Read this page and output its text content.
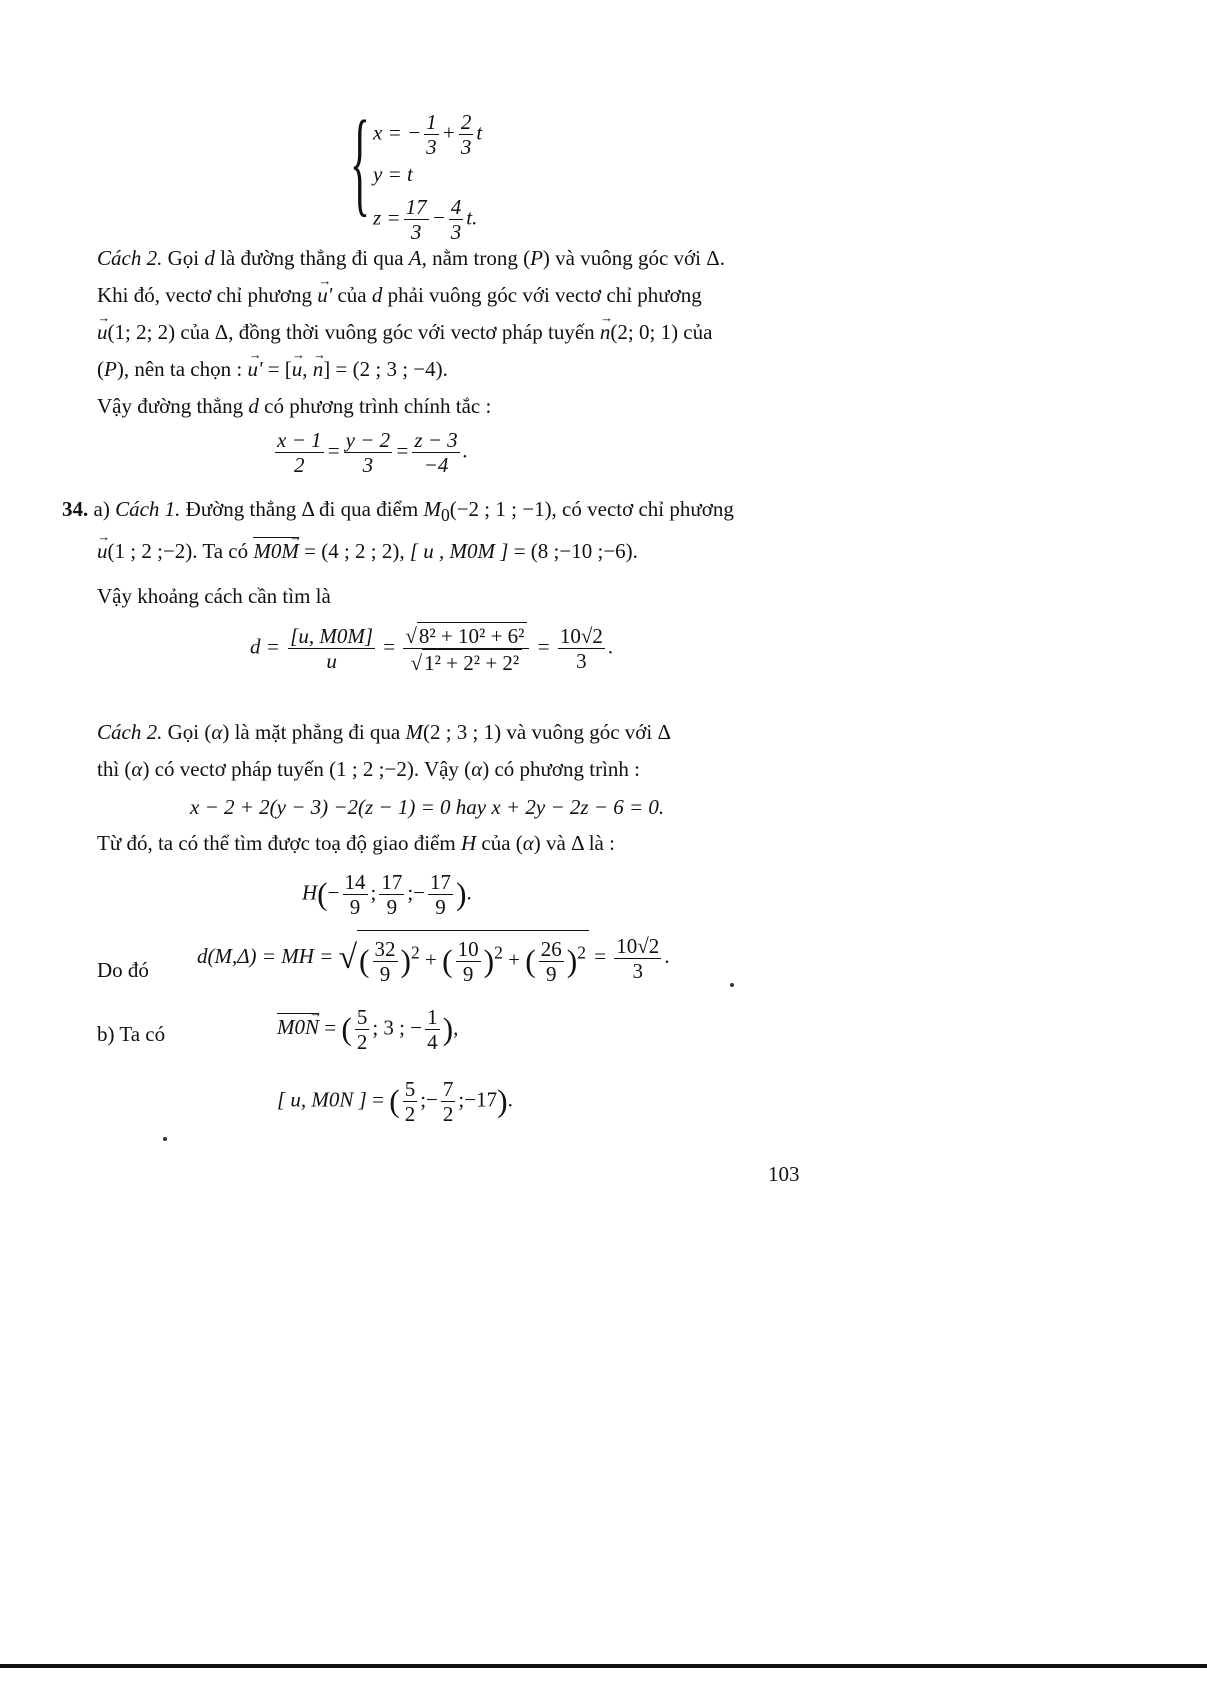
{ x = − $\frac{1}{3} + \frac{2}{3}$ t
y = t
$z = \frac{17}{3} - \frac{4}{3} t$.
Cách 2. Gọi d là đường thẳng đi qua A, nằm trong (P) và vuông góc với Δ.
Khi đó, vectơ chỉ phương → u' của d phải vuông góc với vectơ chỉ phương
→ u(1; 2; 2) của Δ, đồng thời vuông góc với vectơ pháp tuyến → n(2; 0; 1) của
(P), nên ta chọn : → u' = [→ u, → n] = (2 ; 3 ; −4).
Vậy đường thẳng d có phương trình chính tắc :
$\frac{x - 1}{2} = \frac{y - 2}{3} = \frac{z - 3}{-4}$ .
34. a) Cách 1. Đường thẳng Δ đi qua điểm $M_0(-2$ ; 1 ; −1), có vectơ chỉ phương
→ u(1 ; 2 ;−2). Ta có M0M → = (4 ; 2 ; 2), [ u , M0M ] = (8 ;−10 ;−6).
Vậy khoảng cách cần tìm là
$d = \frac{[u, M0M]}{u} = \frac{\text{√8² + 10² + 6²}}{\text{√1² + 2² + 2²}} = \frac{10√2}{3}$ .
Cách 2. Gọi (α) là mặt phẳng đi qua M(2 ; 3 ; 1) và vuông góc với Δ
thì (α) có vectơ pháp tuyến (1 ; 2 ;−2). Vậy (α) có phương trình :
x − 2 + 2(y − 3) −2(z − 1) = 0 hay x + 2y − 2z − 6 = 0.
Từ đó, ta có thể tìm được toạ độ giao điểm H của (α) và Δ là :
$H(- \frac{14}{9}$ ; $\frac{17}{9}$ ;− $\frac{17}{9}$ ).
Do đó
d(M,Δ) = MH = √( $\frac{32}{9} )^2$ + ( $\frac{10}{9} )^2$ + ( $\frac{26}{9} )^2 = \frac{10√2}{3}$ .
b) Ta có	M0N → = ( $\frac{5}{2}$ ; 3 ; − $\frac{1}{4}$ ),
[ u, M0N ] = ( $\frac{5}{2}$ ;− $\frac{7}{2}$ ;−17).
103
